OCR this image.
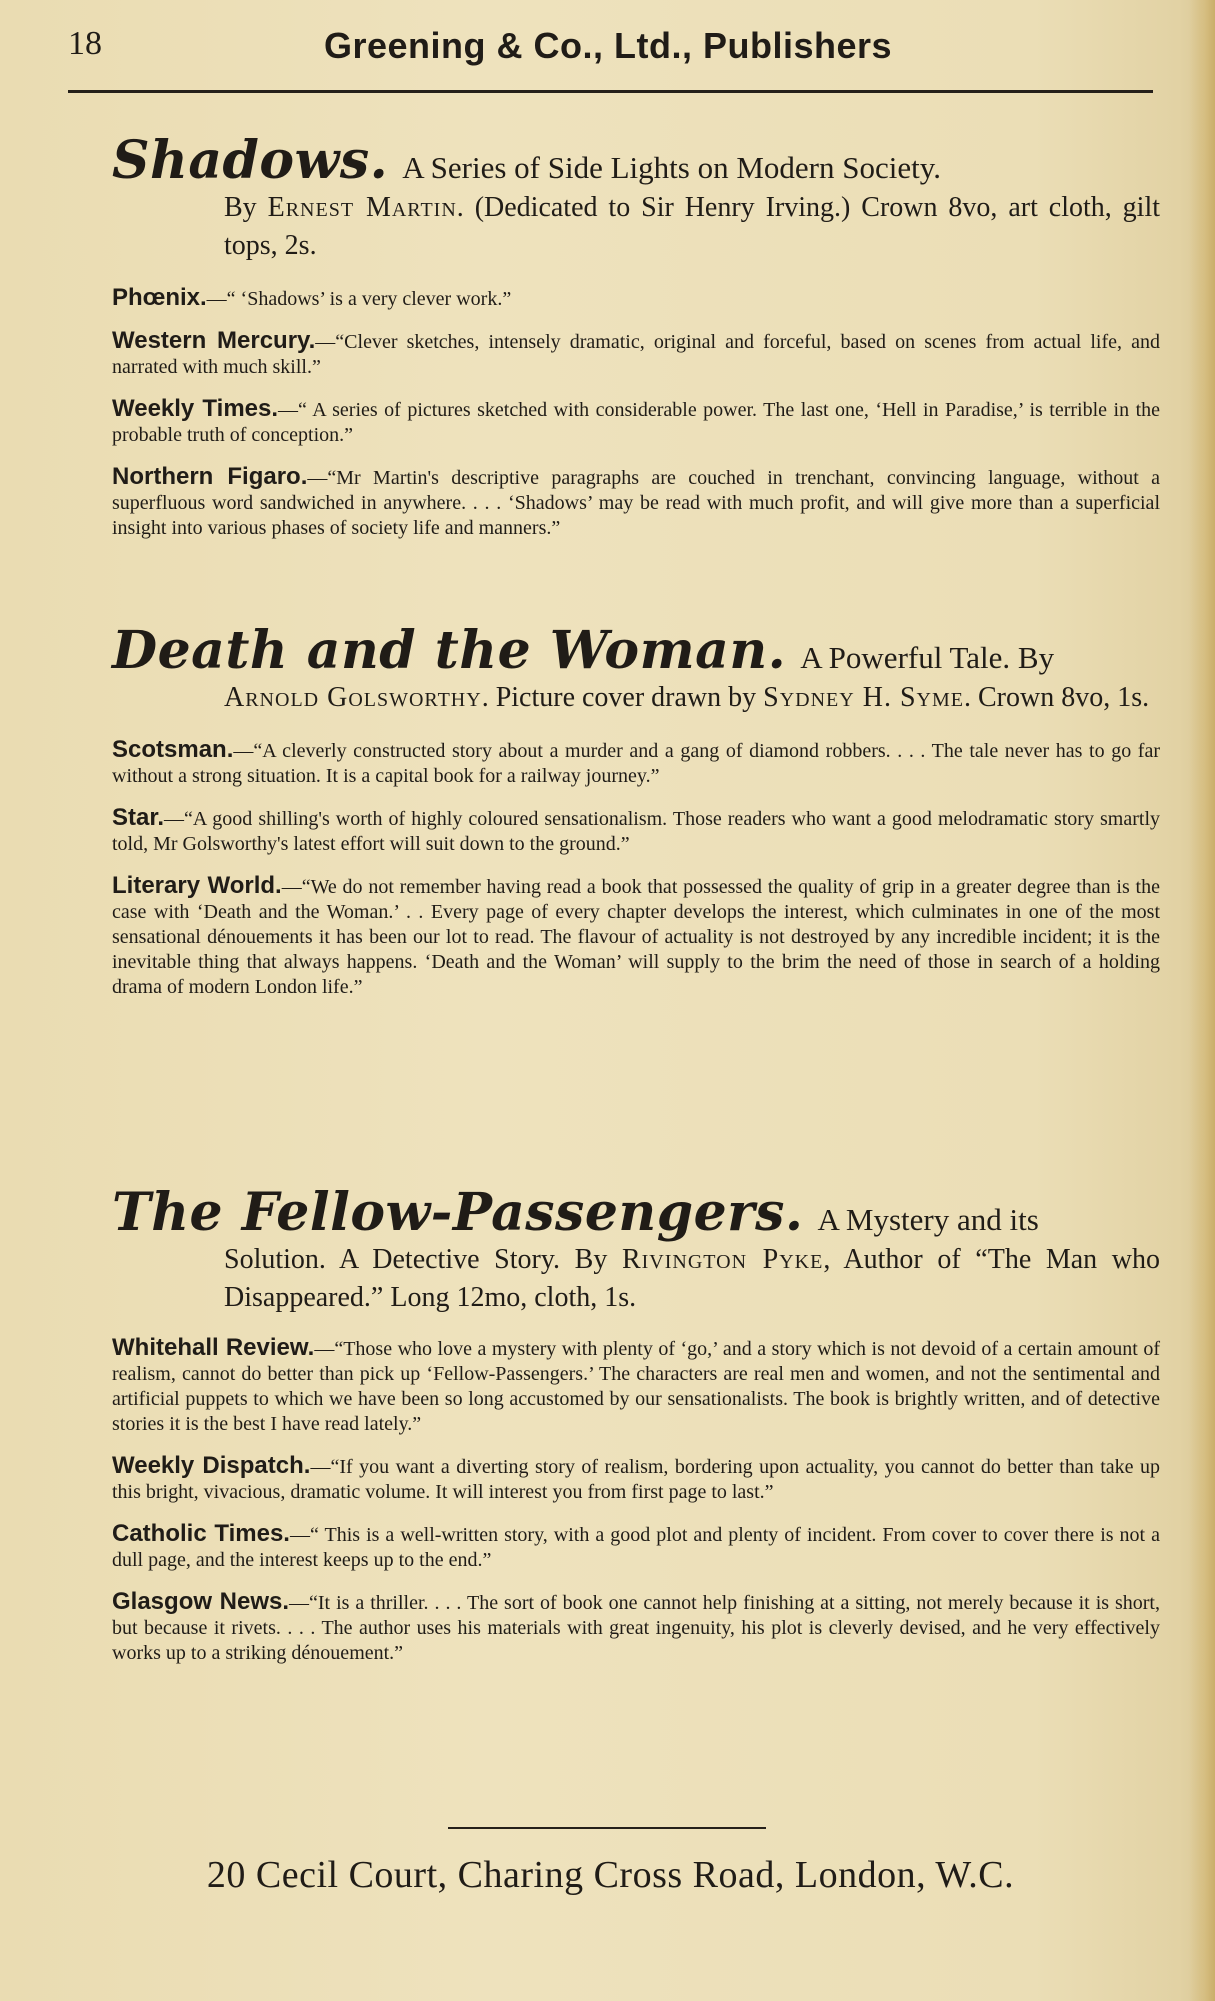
18	Greening & Co., Ltd., Publishers

Shadows. A Series of Side Lights on Modern Society.
By Ernest Martin. (Dedicated to Sir Henry Irving.) Crown 8vo, art cloth, gilt tops, 2s.

Phœnix.—“ ‘Shadows’ is a very clever work.”

Western Mercury.—“Clever sketches, intensely dramatic, original and forceful, based on scenes from actual life, and narrated with much skill.”

Weekly Times.—“ A series of pictures sketched with considerable power. The last one, ‘Hell in Paradise,’ is terrible in the probable truth of conception.”

Northern Figaro.—“Mr Martin's descriptive paragraphs are couched in trenchant, convincing language, without a superfluous word sandwiched in anywhere. . . . ‘Shadows’ may be read with much profit, and will give more than a superficial insight into various phases of society life and manners.”

Death and the Woman. A Powerful Tale. By
Arnold Golsworthy. Picture cover drawn by Sydney H. Syme. Crown 8vo, 1s.

Scotsman.—“A cleverly constructed story about a murder and a gang of diamond robbers. . . . The tale never has to go far without a strong situation. It is a capital book for a railway journey.”

Star.—“A good shilling's worth of highly coloured sensationalism. Those readers who want a good melodramatic story smartly told, Mr Golsworthy's latest effort will suit down to the ground.”

Literary World.—“We do not remember having read a book that possessed the quality of grip in a greater degree than is the case with ‘Death and the Woman.’ . . Every page of every chapter develops the interest, which culminates in one of the most sensational dénouements it has been our lot to read. The flavour of actuality is not destroyed by any incredible incident; it is the inevitable thing that always happens. ‘Death and the Woman’ will supply to the brim the need of those in search of a holding drama of modern London life.”

The Fellow-Passengers. A Mystery and its
Solution. A Detective Story. By Rivington Pyke, Author of “The Man who Disappeared.” Long 12mo, cloth, 1s.

Whitehall Review.—“Those who love a mystery with plenty of ‘go,’ and a story which is not devoid of a certain amount of realism, cannot do better than pick up ‘Fellow-Passengers.’ The characters are real men and women, and not the sentimental and artificial puppets to which we have been so long accustomed by our sensationalists. The book is brightly written, and of detective stories it is the best I have read lately.”

Weekly Dispatch.—“If you want a diverting story of realism, bordering upon actuality, you cannot do better than take up this bright, vivacious, dramatic volume. It will interest you from first page to last.”

Catholic Times.—“ This is a well-written story, with a good plot and plenty of incident. From cover to cover there is not a dull page, and the interest keeps up to the end.”

Glasgow News.—“It is a thriller. . . . The sort of book one cannot help finishing at a sitting, not merely because it is short, but because it rivets. . . . The author uses his materials with great ingenuity, his plot is cleverly devised, and he very effectively works up to a striking dénouement.”

20 Cecil Court, Charing Cross Road, London, W.C.
